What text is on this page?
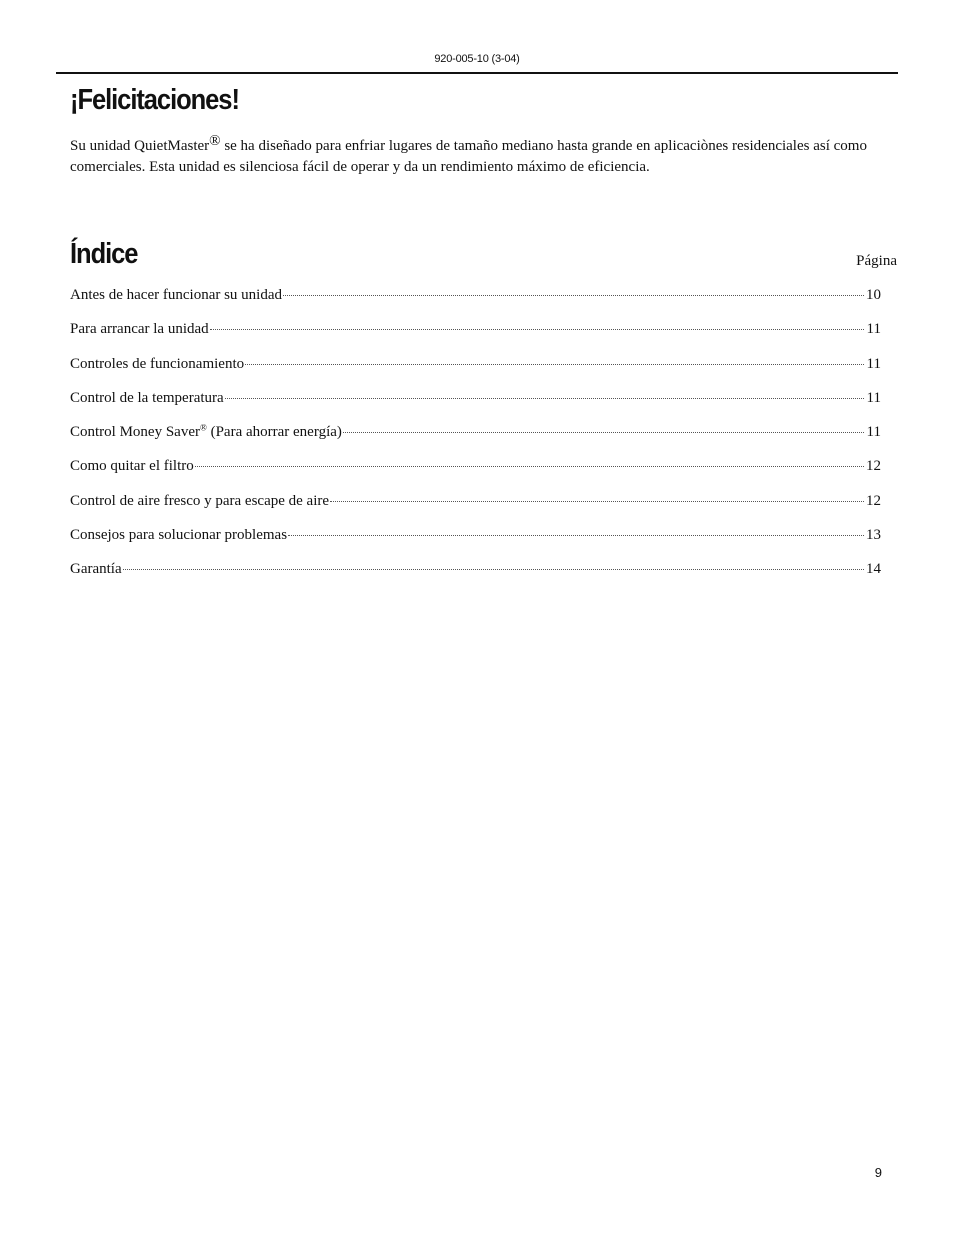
920-005-10 (3-04)
¡Felicitaciones!

Su unidad QuietMaster® se ha diseñado para enfriar lugares de tamaño mediano hasta grande en aplicaciònes residenciales así como comerciales. Esta unidad es silenciosa fácil de operar y da un rendimiento máximo de eficiencia.

Índice	Página
Antes de hacer funcionar su unidad	10
Para arrancar la unidad	11
Controles de funcionamiento	11
Control de la temperatura	11
Control Money Saver® (Para ahorrar energía)	11
Como quitar el filtro	12
Control de aire fresco y para escape de aire	12
Consejos para solucionar problemas	13
Garantía	14
9
